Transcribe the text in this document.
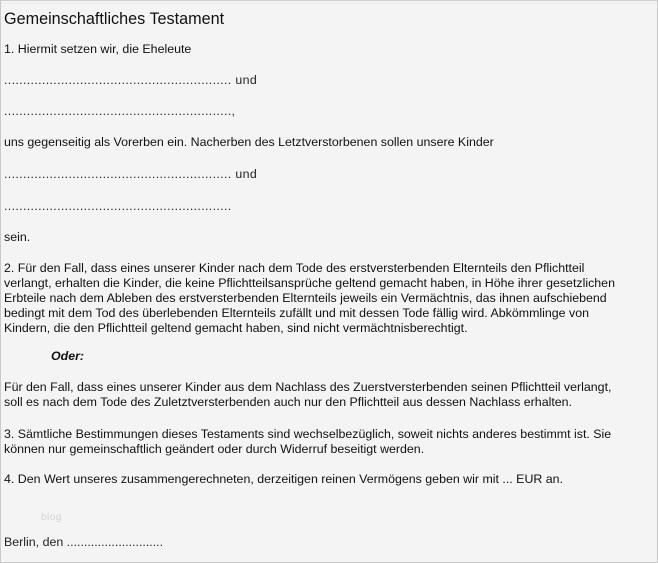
Gemeinschaftliches Testament
1. Hiermit setzen wir, die Eheleute
............................................................ und
............................................................,
uns gegenseitig als Vorerben ein. Nacherben des Letztverstorbenen sollen unsere Kinder
............................................................ und
............................................................
sein.
2. Für den Fall, dass eines unserer Kinder nach dem Tode des erstversterbenden Elternteils den Pflichtteil
verlangt, erhalten die Kinder, die keine Pflichtteilsansprüche geltend gemacht haben, in Höhe ihrer gesetzlichen
Erbteile nach dem Ableben des erstversterbenden Elternteils jeweils ein Vermächtnis, das ihnen aufschiebend
bedingt mit dem Tod des überlebenden Elternteils zufällt und mit dessen Tode fällig wird. Abkömmlinge von
Kindern, die den Pflichtteil geltend gemacht haben, sind nicht vermächtnisberechtigt.
Oder:
Für den Fall, dass eines unserer Kinder aus dem Nachlass des Zuerstversterbenden seinen Pflichtteil verlangt,
soll es nach dem Tode des Zuletztversterbenden auch nur den Pflichtteil aus dessen Nachlass erhalten.
3. Sämtliche Bestimmungen dieses Testaments sind wechselbezüglich, soweit nichts anderes bestimmt ist. Sie
können nur gemeinschaftlich geändert oder durch Widerruf beseitigt werden.
4. Den Wert unseres zusammengerechneten, derzeitigen reinen Vermögens geben wir mit ... EUR an.
blog
Berlin, den ............................
